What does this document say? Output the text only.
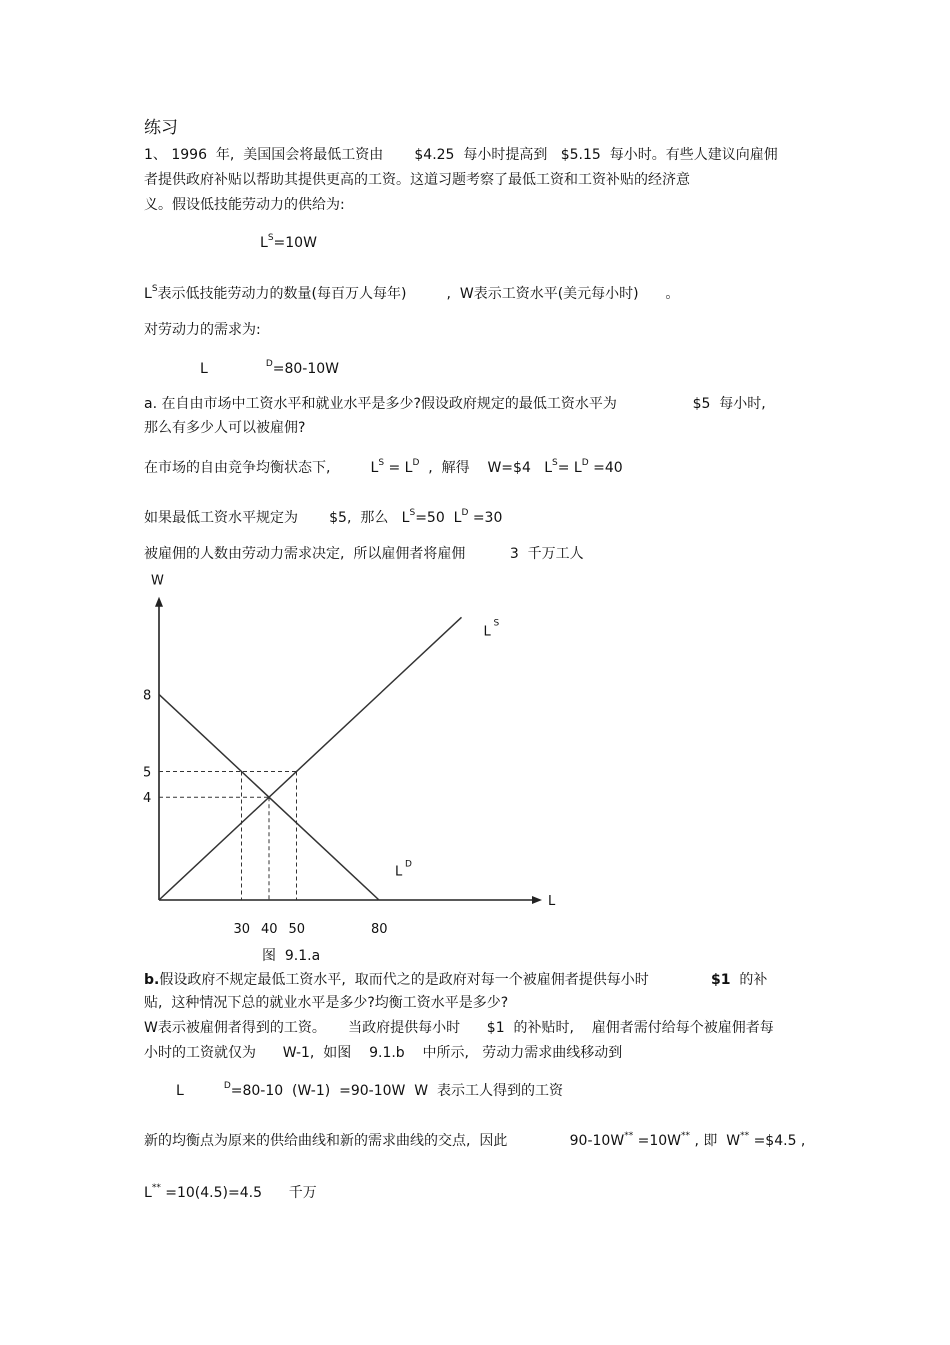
练习
1、 1996  年,  美国国会将最低工资由       $4.25  每小时提高到   $5.15  每小时。有些人建议向雇佣
者提供政府补贴以帮助其提供更高的工资。这道习题考察了最低工资和工资补贴的经济意
义。假设低技能劳动力的供给为:
$L^S=10W$
$L^S$表示低技能劳动力的数量(每百万人每年)         ,  W表示工资水平(美元每小时)      。
对劳动力的需求为:
L	$^D$=80-10W
a. 在自由市场中工资水平和就业水平是多少?假设政府规定的最低工资水平为                 $5  每小时,
那么有多少人可以被雇佣?
在市场的自由竞争均衡状态下,         $L^S = L^D$  ,  解得    W=$4   $L^S= L^D =40$
如果最低工资水平规定为       $5,  那么   $L^S=50$  $L^D =30$
被雇佣的人数由劳动力需求决定,  所以雇佣者将雇佣          3  千万工人
W
L
L
S
L D
8
5
4
30 40 50	80
图  9.1.a
b.假设政府不规定最低工资水平,  取而代之的是政府对每一个被雇佣者提供每小时              $1  的补
贴,  这种情况下总的就业水平是多少?均衡工资水平是多少?
W表示被雇佣者得到的工资。     当政府提供每小时      $1  的补贴时,    雇佣者需付给每个被雇佣者每
小时的工资就仅为      W-1,  如图    9.1.b    中所示,   劳动力需求曲线移动到
L	$^D$=80-10  (W-1)  =90-10W  W  表示工人得到的工资
新的均衡点为原来的供给曲线和新的需求曲线的交点,  因此              90-10W** =10W** , 即  W** =$4.5 ,
L** =10(4.5)=4.5      千万
